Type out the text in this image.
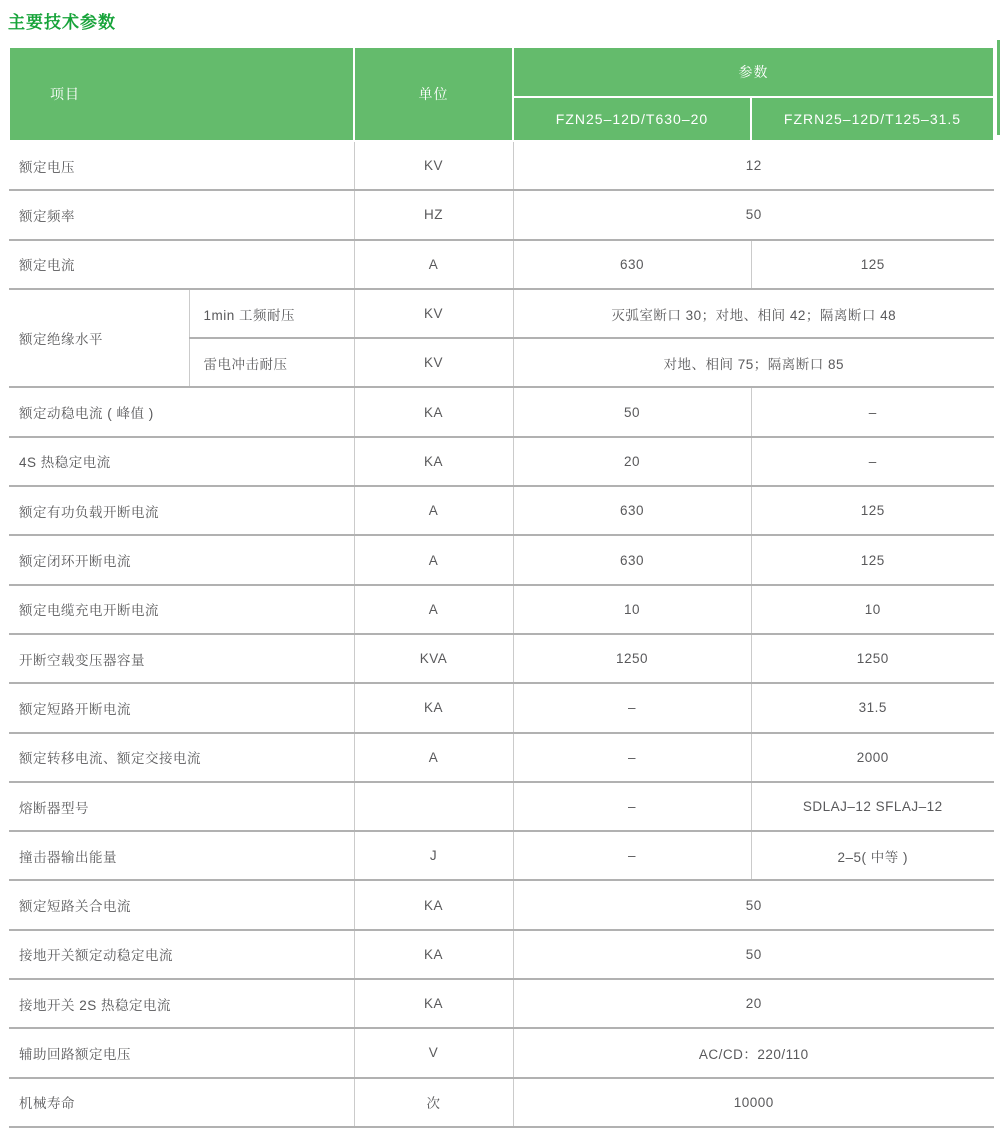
主要技术参数
项目		单位	参数	
			FZN25–12D/T630–20	FZRN25–12D/T125–31.5
额定电压		KV	12	
额定频率		HZ	50	
额定电流		A	630	125
额定绝缘水平	1min 工频耐压	KV	灭弧室断口 30；对地、相间 42；隔离断口 48	
	雷电冲击耐压	KV	对地、相间 75；隔离断口 85	
额定动稳电流 ( 峰值 )		KA	50	–
4S 热稳定电流		KA	20	–
额定有功负载开断电流		A	630	125
额定闭环开断电流		A	630	125
额定电缆充电开断电流		A	10	10
开断空载变压器容量		KVA	1250	1250
额定短路开断电流		KA	–	31.5
额定转移电流、额定交接电流		A	–	2000
熔断器型号			–	SDLAJ–12 SFLAJ–12
撞击器输出能量		J	–	2–5( 中等 )
额定短路关合电流		KA	50	
接地开关额定动稳定电流		KA	50	
接地开关 2S 热稳定电流		KA	20	
辅助回路额定电压		V	AC/CD：220/110	
机械寿命		次	10000	
